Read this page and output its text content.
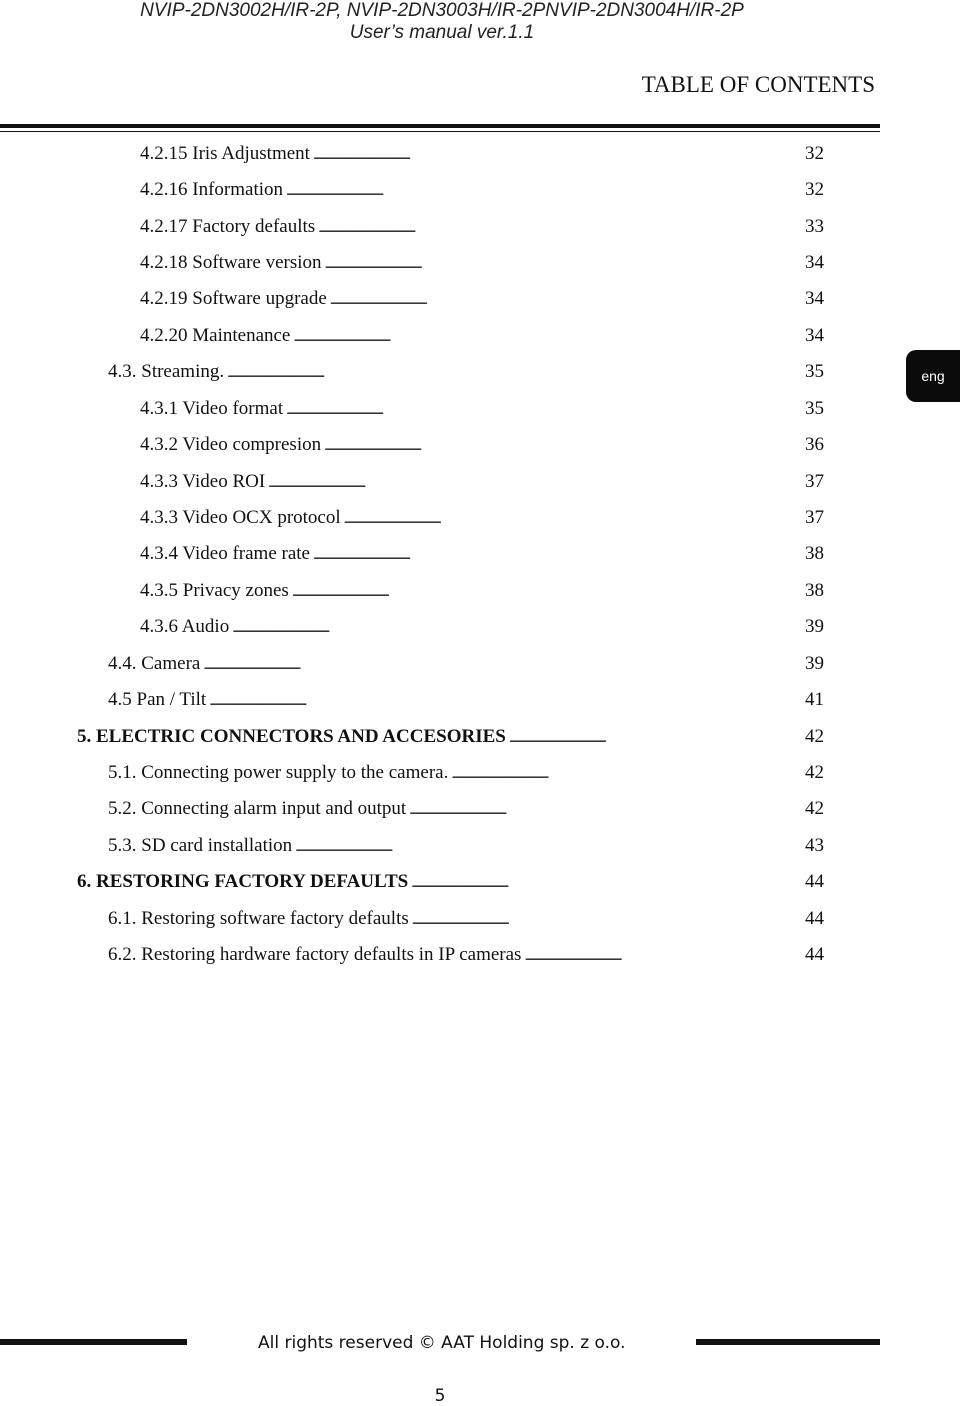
NVIP-2DN3002H/IR-2P, NVIP-2DN3003H/IR-2PNVIP-2DN3004H/IR-2P
User’s manual ver.1.1
TABLE OF CONTENTS
eng
4.2.15 Iris Adjustment . . .	32
4.2.16 Information . . .	32
4.2.17 Factory defaults . . .	33
4.2.18 Software version . . .	34
4.2.19 Software upgrade . . .	34
4.2.20 Maintenance . . .	34
4.3. Streaming. . . .	35
4.3.1 Video format . . .	35
4.3.2 Video compresion . . .	36
4.3.3 Video ROI . . .	37
4.3.3 Video OCX protocol . . .	37
4.3.4 Video frame rate . . .	38
4.3.5 Privacy zones . . .	38
4.3.6 Audio . . .	39
4.4. Camera . . .	39
4.5 Pan / Tilt . . .	41
5. ELECTRIC CONNECTORS AND ACCESORIES . . .	42
5.1. Connecting power supply to the camera. . . .	42
5.2. Connecting alarm input and output . . .	42
5.3. SD card installation . . .	43
6. RESTORING FACTORY DEFAULTS . . .	44
6.1. Restoring software factory defaults . . .	44
6.2. Restoring hardware factory defaults in IP cameras . . .	44
All rights reserved © AAT Holding sp. z o.o.
5
